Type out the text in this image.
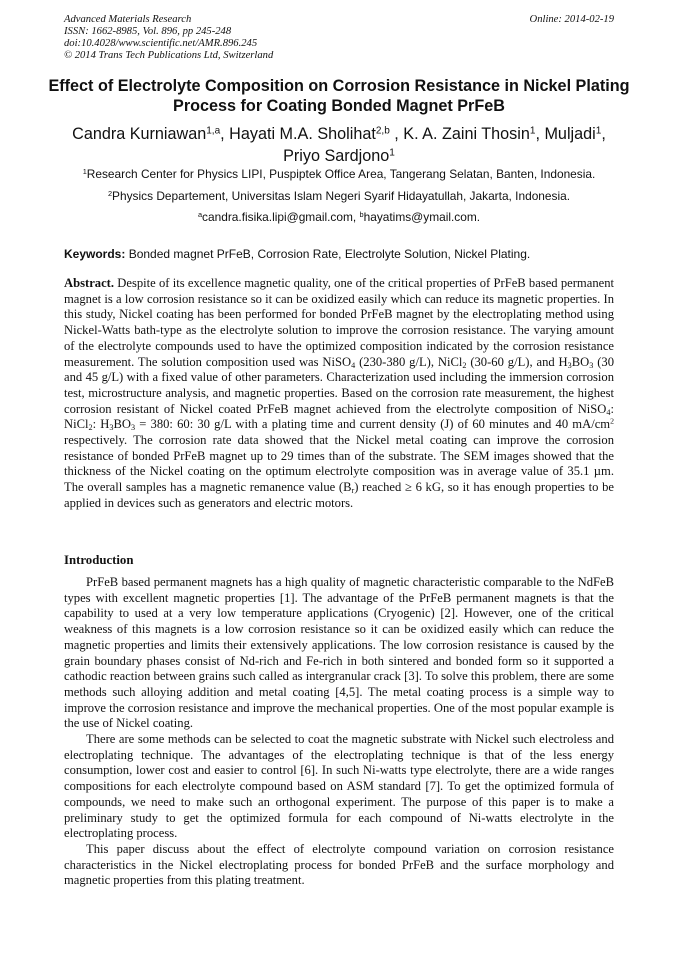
Advanced Materials Research
ISSN: 1662-8985, Vol. 896, pp 245-248
doi:10.4028/www.scientific.net/AMR.896.245
© 2014 Trans Tech Publications Ltd, Switzerland
Online: 2014-02-19
Effect of Electrolyte Composition on Corrosion Resistance in Nickel Plating Process for Coating Bonded Magnet PrFeB
Candra Kurniawan$^{1,a}$, Hayati M.A. Sholihat$^{2,b}$ , K. A. Zaini Thosin$^1$, Muljadi$^1$,
Priyo Sardjono$^1$
$^1$Research Center for Physics LIPI, Puspiptek Office Area, Tangerang Selatan, Banten, Indonesia.
$^2$Physics Departement, Universitas Islam Negeri Syarif Hidayatullah, Jakarta, Indonesia.
$^a$candra.fisika.lipi@gmail.com, $^b$hayatims@ymail.com.
Keywords: Bonded magnet PrFeB, Corrosion Rate, Electrolyte Solution, Nickel Plating.

Abstract. Despite of its excellence magnetic quality, one of the critical properties of PrFeB based permanent magnet is a low corrosion resistance so it can be oxidized easily which can reduce its magnetic properties. In this study, Nickel coating has been performed for bonded PrFeB magnet by the electroplating method using Nickel-Watts bath-type as the electrolyte solution to improve the corrosion resistance. The varying amount of the electrolyte compounds used to have the optimized composition indicated by the corrosion resistance measurement. The solution composition used was NiSO$_4$ (230-380 g/L), NiCl$_2$ (30-60 g/L), and $H_3BO_3$ (30 and 45 g/L) with a fixed value of other parameters. Characterization used including the immersion corrosion test, microstructure analysis, and magnetic properties. Based on the corrosion rate measurement, the highest corrosion resistant of Nickel coated PrFeB magnet achieved from the electrolyte composition of NiSO$_4$: NiCl$_2$: $H_3BO_3 = 380$: 60: 30 g/L with a plating time and current density (J) of 60 minutes and 40 $mA/cm^2$ respectively. The corrosion rate data showed that the Nickel metal coating can improve the corrosion resistance of bonded PrFeB magnet up to 29 times than of the substrate. The SEM images showed that the thickness of the Nickel coating on the optimum electrolyte composition was in average value of 35.1 µm. The overall samples has a magnetic remanence value $(B_r)$ reached ≥ 6 kG, so it has enough properties to be applied in devices such as generators and electric motors.

Introduction

PrFeB based permanent magnets has a high quality of magnetic characteristic comparable to the NdFeB types with excellent magnetic properties [1]. The advantage of the PrFeB permanent magnets is that the capability to used at a very low temperature applications (Cryogenic) [2]. However, one of the critical weakness of this magnets is a low corrosion resistance so it can be oxidized easily which can reduce the magnetic properties and limits their extensively applications. The low corrosion resistance is caused by the grain boundary phases consist of Nd-rich and Fe-rich in both sintered and bonded form so it supported a cathodic reaction between grains such called as intergranular crack [3]. To solve this problem, there are some methods such alloying addition and metal coating [4,5]. The metal coating process is a simple way to improve the corrosion resistance and improve the mechanical properties. One of the most popular example is the use of Nickel coating.

There are some methods can be selected to coat the magnetic substrate with Nickel such electroless and electroplating technique. The advantages of the electroplating technique is that of the less energy consumption, lower cost and easier to control [6]. In such Ni-watts type electrolyte, there are a wide ranges compositions for each electrolyte compound based on ASM standard [7]. To get the optimized formula of compounds, we need to make such an orthogonal experiment. The purpose of this paper is to make a preliminary study to get the optimized formula for each compound of Ni-watts electrolyte in the electroplating process.

This paper discuss about the effect of electrolyte compound variation on corrosion resistance characteristics in the Nickel electroplating process for bonded PrFeB and the surface morphology and magnetic properties from this plating treatment.
